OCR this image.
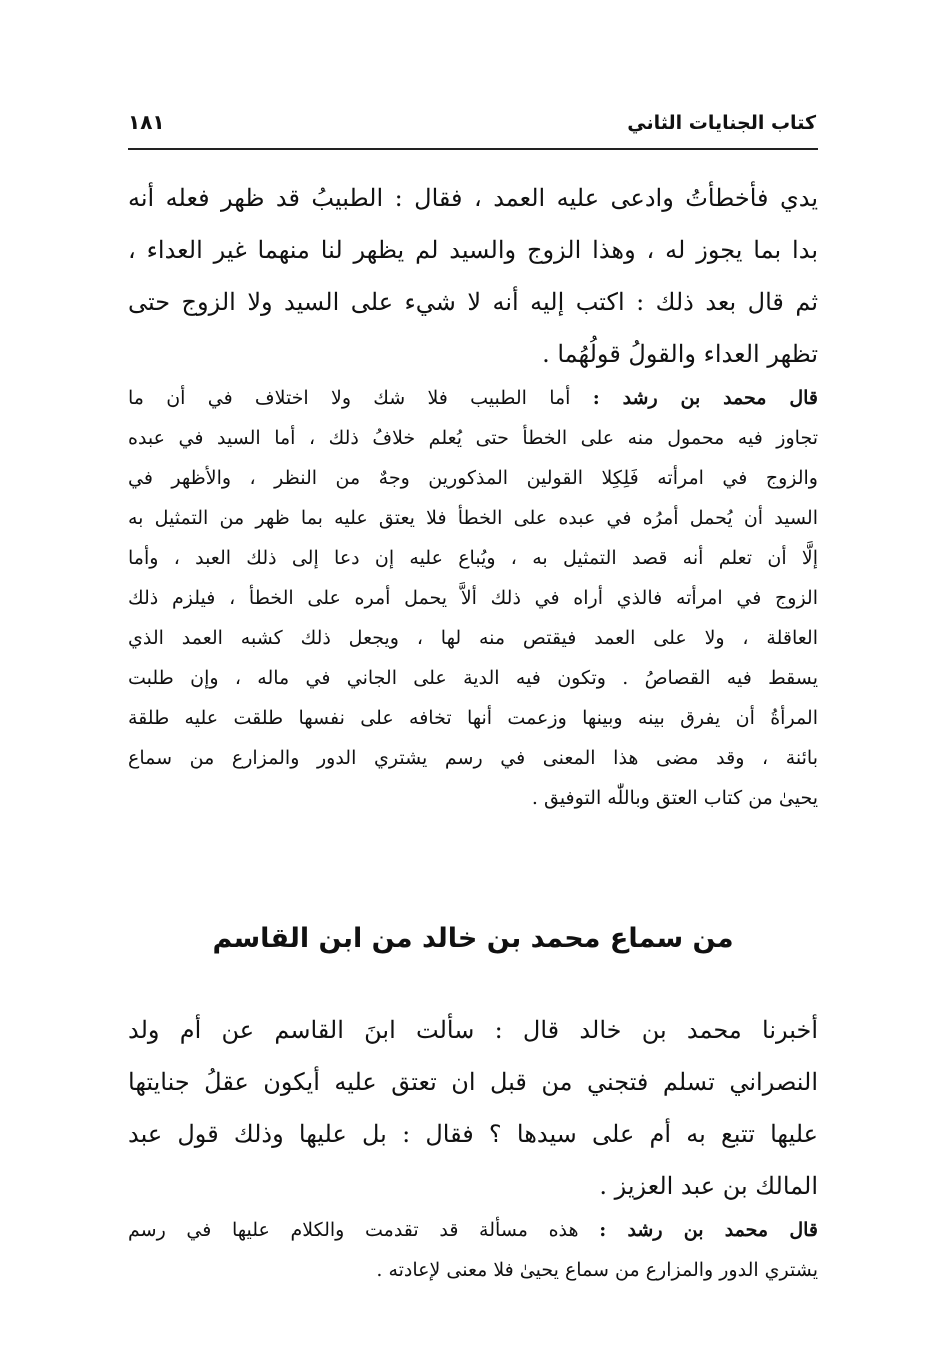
كتاب الجنايات الثاني
١٨١
يدي فأخطأتُ وادعى عليه العمد ، فقال : الطبيبُ قد ظهر فعله أنه
بدا بما يجوز له ، وهذا الزوج والسيد لم يظهر لنا منهما غير العداء ،
ثم قال بعد ذلك : اكتب إليه أنه لا شيء على السيد ولا الزوج حتى
تظهر العداء والقولُ قولُهُما .
قال محمد بن رشد : أما الطبيب فلا شك ولا اختلاف في أن ما
تجاوز فيه محمول منه على الخطأ حتى يُعلم خلافُ ذلك ، أما السيد في عبده
والزوج في امرأته فَلِكِلا القولين المذكورين وجهٌ من النظر ، والأظهر في
السيد أن يُحمل أمرُه في عبده على الخطأ فلا يعتق عليه بما ظهر من التمثيل به
إلَّا أن تعلم أنه قصد التمثيل به ، ويُباع عليه إن دعا إلى ذلك العبد ، وأما
الزوج في امرأته فالذي أراه في ذلك ألاَّ يحمل أمره على الخطأ ، فيلزم ذلك
العاقلة ، ولا على العمد فيقتص منه لها ، ويجعل ذلك كشبه العمد الذي
يسقط فيه القصاصُ . وتكون فيه الدية على الجاني في ماله ، وإن طلبت
المرأةُ أن يفرق بينه وبينها وزعمت أنها تخافه على نفسها طلقت عليه طلقة
بائنة ، وقد مضى هذا المعنى في رسم يشتري الدور والمزارع من سماع
يحيىٰ من كتاب العتق وباللّٰه التوفيق .
من سماع محمد بن خالد من ابن القاسم
أخبرنا محمد بن خالد قال : سألت ابنَ القاسم عن أم ولد
النصراني تسلم فتجني من قبل ان تعتق عليه أيكون عقلُ جنايتها
عليها تتبع به أم على سيدها ؟ فقال : بل عليها وذلك قول عبد
المالك بن عبد العزيز .
قال محمد بن رشد : هذه مسألة قد تقدمت والكلام عليها في رسم
يشتري الدور والمزارع من سماع يحيىٰ فلا معنى لإعادته .
